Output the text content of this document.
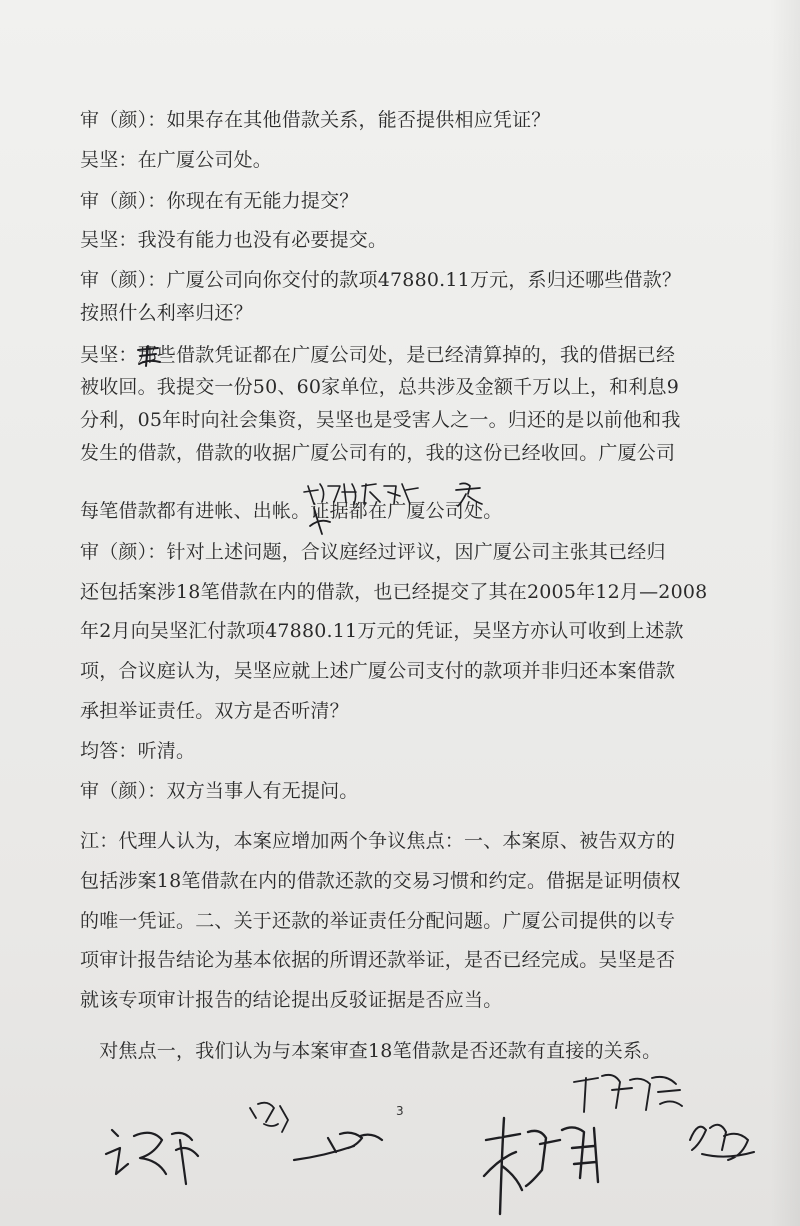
审（颜）：如果存在其他借款关系，能否提供相应凭证？

吴坚：在广厦公司处。

审（颜）：你现在有无能力提交？

吴坚：我没有能力也没有必要提交。

审（颜）：广厦公司向你交付的款项47880.11万元，系归还哪些借款？

按照什么利率归还？

吴坚：那些借款凭证都在广厦公司处，是已经清算掉的，我的借据已经

被收回。我提交一份50、60家单位，总共涉及金额千万以上，和利息9

分利，05年时向社会集资，吴坚也是受害人之一。归还的是以前他和我

发生的借款，借款的收据广厦公司有的，我的这份已经收回。广厦公司

每笔借款都有进帐、出帐。证据都在广厦公司处。

审（颜）：针对上述问题，合议庭经过评议，因广厦公司主张其已经归

还包括案涉18笔借款在内的借款，也已经提交了其在2005年12月—2008

年2月向吴坚汇付款项47880.11万元的凭证，吴坚方亦认可收到上述款

项，合议庭认为，吴坚应就上述广厦公司支付的款项并非归还本案借款

承担举证责任。双方是否听清？

均答：听清。

审（颜）：双方当事人有无提问。

江：代理人认为，本案应增加两个争议焦点：一、本案原、被告双方的

包括涉案18笔借款在内的借款还款的交易习惯和约定。借据是证明债权

的唯一凭证。二、关于还款的举证责任分配问题。广厦公司提供的以专

项审计报告结论为基本依据的所谓还款举证，是否已经完成。吴坚是否

就该专项审计报告的结论提出反驳证据是否应当。

　对焦点一，我们认为与本案审查18笔借款是否还款有直接的关系。

3
